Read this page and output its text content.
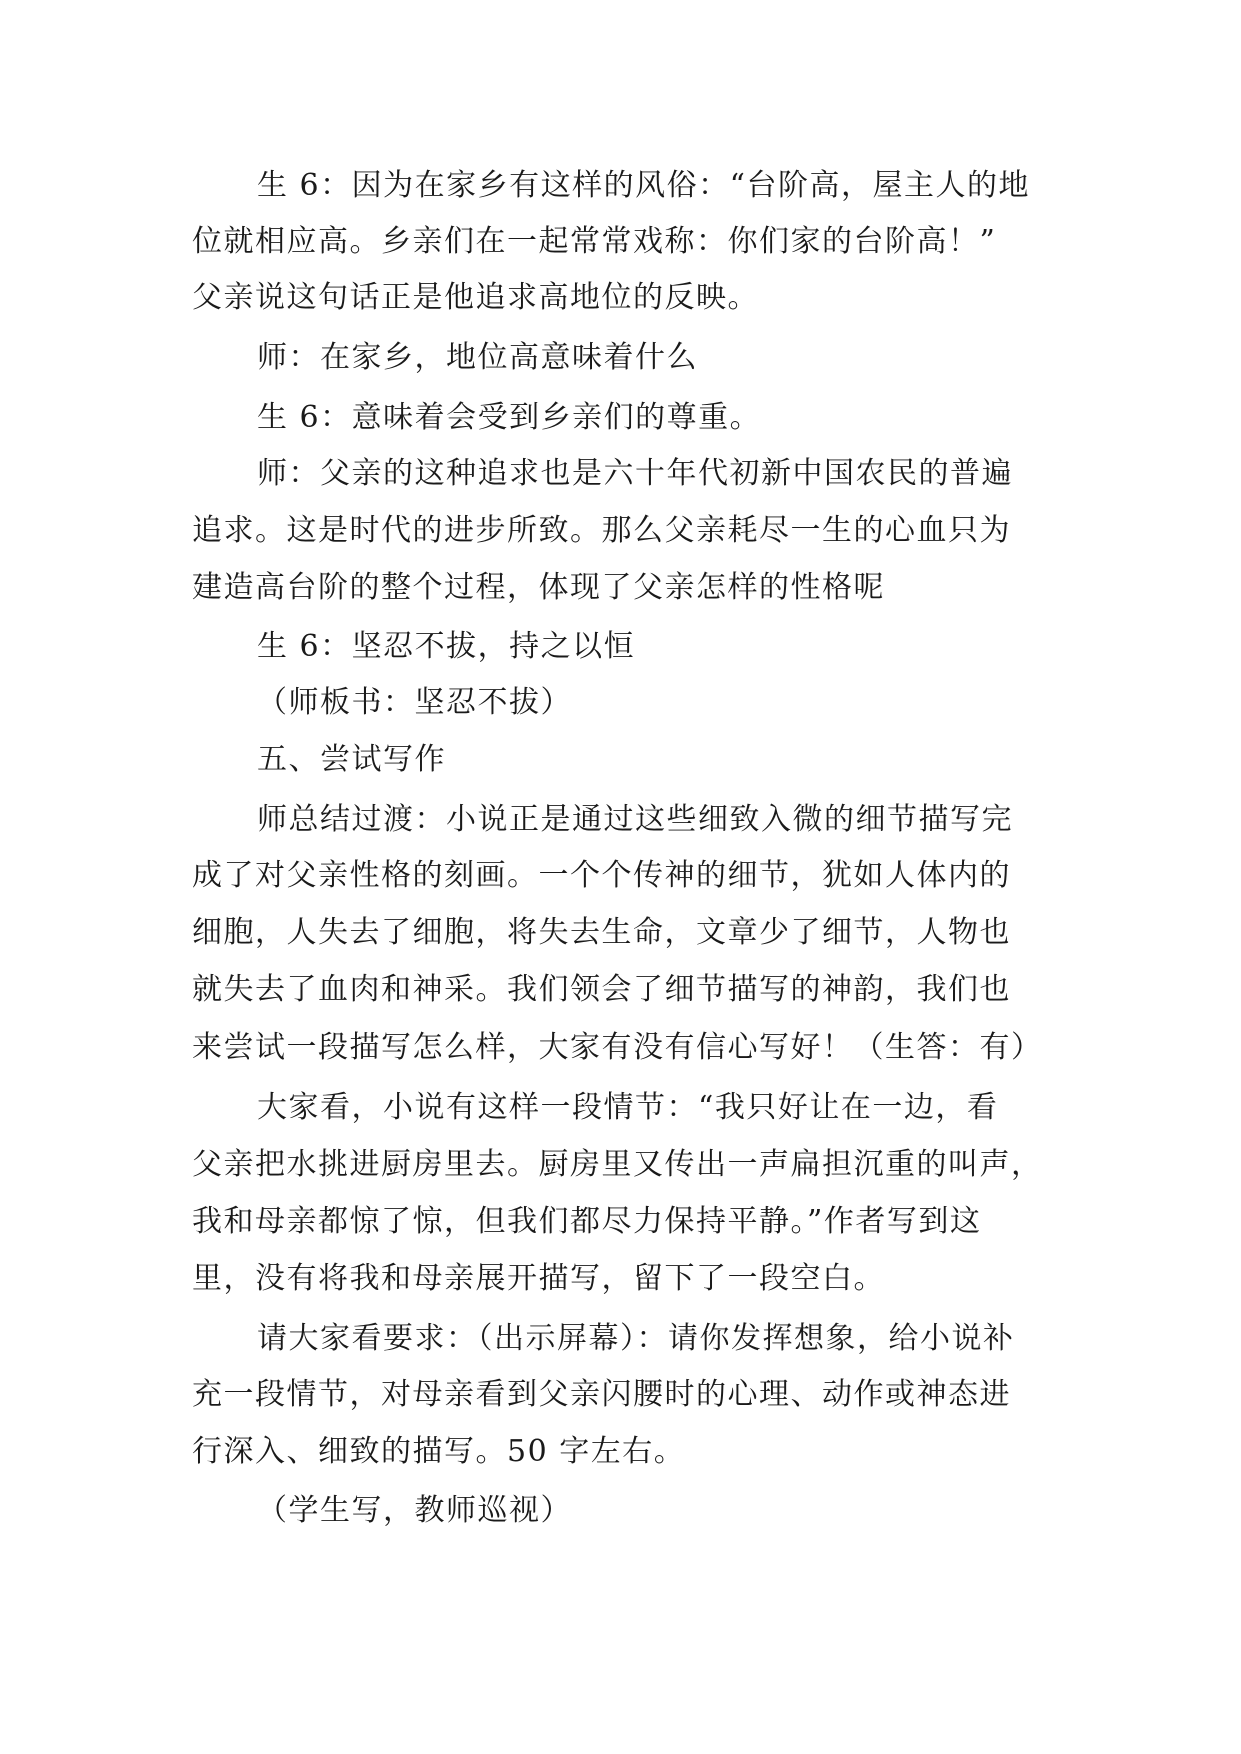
生 6：因为在家乡有这样的风俗：“台阶高，屋主人的地

位就相应高。乡亲们在一起常常戏称：你们家的台阶高！”

父亲说这句话正是他追求高地位的反映。

师：在家乡，地位高意味着什么

生 6：意味着会受到乡亲们的尊重。

师：父亲的这种追求也是六十年代初新中国农民的普遍

追求。这是时代的进步所致。那么父亲耗尽一生的心血只为

建造高台阶的整个过程，体现了父亲怎样的性格呢

生 6：坚忍不拔，持之以恒

（师板书：坚忍不拔）

五、尝试写作

师总结过渡：小说正是通过这些细致入微的细节描写完

成了对父亲性格的刻画。一个个传神的细节，犹如人体内的

细胞，人失去了细胞，将失去生命，文章少了细节，人物也

就失去了血肉和神采。我们领会了细节描写的神韵，我们也

来尝试一段描写怎么样，大家有没有信心写好！（生答：有）

大家看，小说有这样一段情节：“我只好让在一边，看

父亲把水挑进厨房里去。厨房里又传出一声扁担沉重的叫声，

我和母亲都惊了惊，但我们都尽力保持平静。”作者写到这

里，没有将我和母亲展开描写，留下了一段空白。

请大家看要求：（出示屏幕）：请你发挥想象，给小说补

充一段情节，对母亲看到父亲闪腰时的心理、动作或神态进

行深入、细致的描写。50 字左右。

（学生写，教师巡视）
